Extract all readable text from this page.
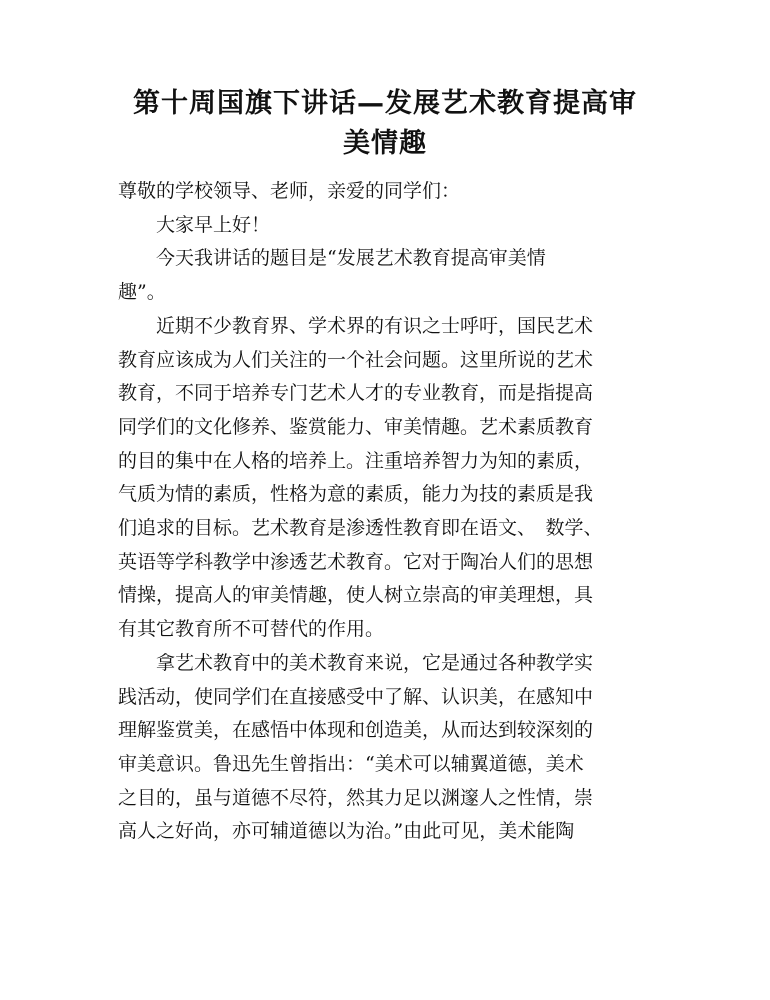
第十周国旗下讲话—发展艺术教育提高审
美情趣
尊敬的学校领导、老师，亲爱的同学们：
大家早上好！
今天我讲话的题目是“发展艺术教育提高审美情
趣”。
近期不少教育界、学术界的有识之士呼吁，国民艺术
教育应该成为人们关注的一个社会问题。这里所说的艺术
教育，不同于培养专门艺术人才的专业教育，而是指提高
同学们的文化修养、鉴赏能力、审美情趣。艺术素质教育
的目的集中在人格的培养上。注重培养智力为知的素质，
气质为情的素质，性格为意的素质，能力为技的素质是我
们追求的目标。艺术教育是渗透性教育即在语文、　数学、
英语等学科教学中渗透艺术教育。它对于陶冶人们的思想
情操，提高人的审美情趣，使人树立崇高的审美理想，具
有其它教育所不可替代的作用。
拿艺术教育中的美术教育来说，它是通过各种教学实
践活动，使同学们在直接感受中了解、认识美，在感知中
理解鉴赏美，在感悟中体现和创造美，从而达到较深刻的
审美意识。鲁迅先生曾指出：“美术可以辅翼道德，美术
之目的，虽与道德不尽符，然其力足以渊邃人之性情，崇
高人之好尚，亦可辅道德以为治。”由此可见，美术能陶
